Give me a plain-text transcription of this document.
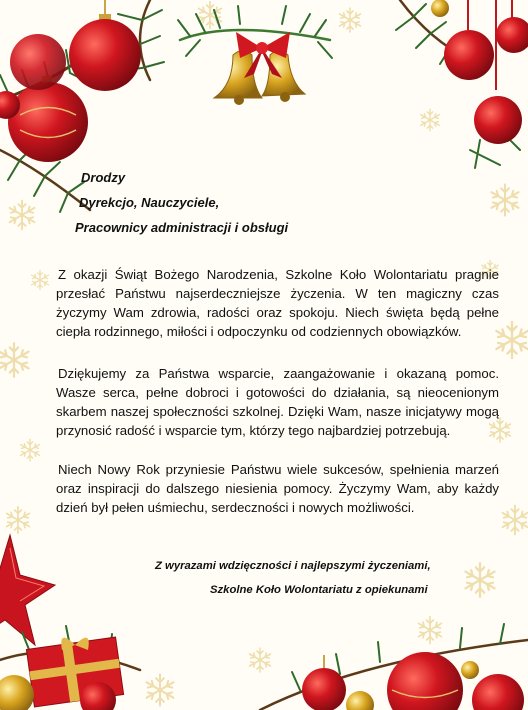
Drodzy

Dyrekcjo, Nauczyciele,

Pracownicy administracji i obsługi

Z okazji Świąt Bożego Narodzenia, Szkolne Koło Wolontariatu pragnie przesłać Państwu najserdeczniejsze życzenia. W ten magiczny czas życzymy Wam zdrowia, radości oraz spokoju. Niech święta będą pełne ciepła rodzinnego, miłości i odpoczynku od codziennych obowiązków.

Dziękujemy za Państwa wsparcie, zaangażowanie i okazaną pomoc. Wasze serca, pełne dobroci i gotowości do działania, są nieocenionym skarbem naszej społeczności szkolnej. Dzięki Wam, nasze inicjatywy mogą przynosić radość i wsparcie tym, którzy tego najbardziej potrzebują.

Niech Nowy Rok przyniesie Państwu wiele sukcesów, spełnienia marzeń oraz inspiracji do dalszego niesienia pomocy. Życzymy Wam, aby każdy dzień był pełen uśmiechu, serdeczności i nowych możliwości.

Z wyrazami wdzięczności i najlepszymi życzeniami,

Szkolne Koło Wolontariatu z opiekunami
